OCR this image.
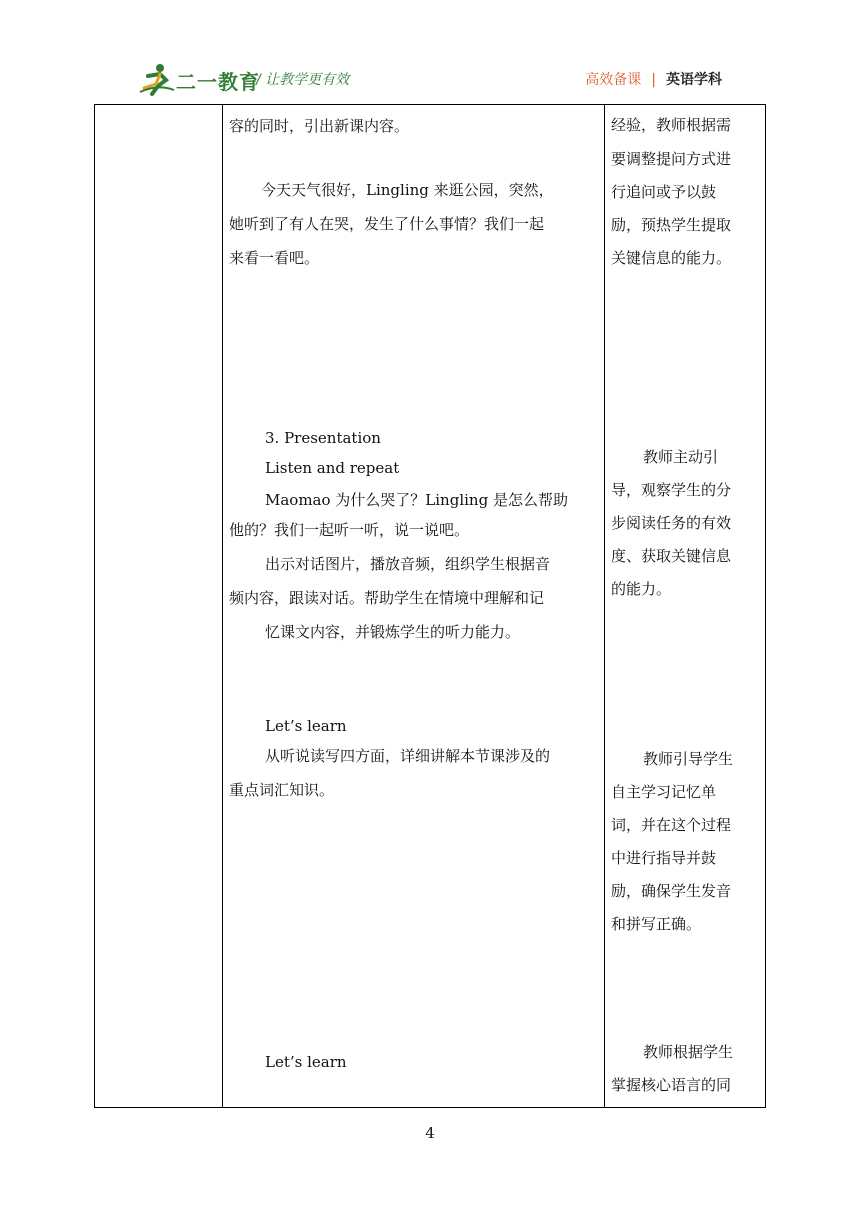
二一教育
/ 让教学更有效	高效备课 | 英语学科
容的同时，引出新课内容。
今天天气很好，Lingling 来逛公园，突然，
她听到了有人在哭，发生了什么事情？我们一起
来看一看吧。
3. Presentation
Listen and repeat
Maomao 为什么哭了？Lingling 是怎么帮助
他的？我们一起听一听，说一说吧。
出示对话图片，播放音频，组织学生根据音
频内容，跟读对话。帮助学生在情境中理解和记
忆课文内容，并锻炼学生的听力能力。
Let’s learn
从听说读写四方面，详细讲解本节课涉及的
重点词汇知识。
Let’s learn
经验，教师根据需
要调整提问方式进
行追问或予以鼓
励，预热学生提取
关键信息的能力。
教师主动引
导，观察学生的分
步阅读任务的有效
度、获取关键信息
的能力。
教师引导学生
自主学习记忆单
词，并在这个过程
中进行指导并鼓
励，确保学生发音
和拼写正确。
教师根据学生
掌握核心语言的同
4
